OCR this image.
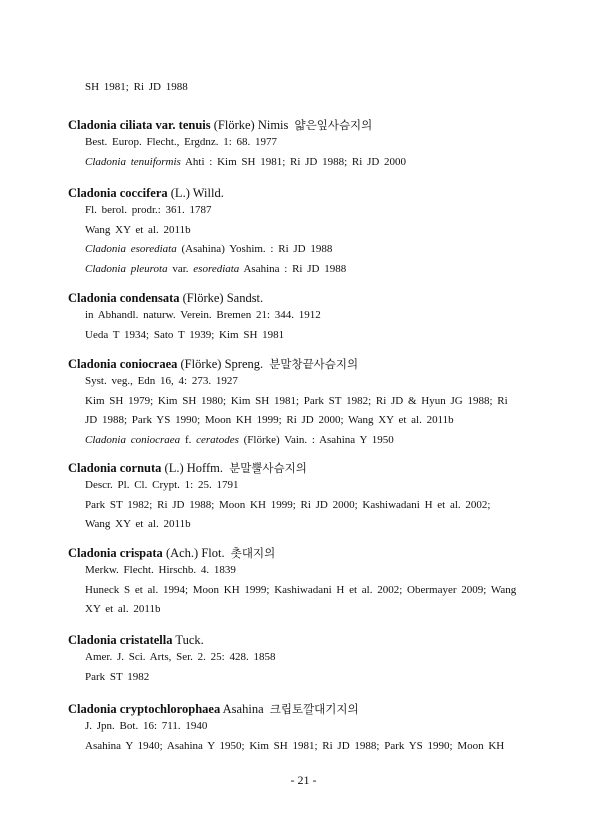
SH 1981; Ri JD 1988

Cladonia ciliata var. tenuis (Flörke) Nimis 얇은잎사슴지의

Best. Europ. Flecht., Ergdnz. 1: 68. 1977

Cladonia tenuiformis Ahti : Kim SH 1981; Ri JD 1988; Ri JD 2000

Cladonia coccifera (L.) Willd.

Fl. berol. prodr.: 361. 1787

Wang XY et al. 2011b

Cladonia esorediata (Asahina) Yoshim. : Ri JD 1988

Cladonia pleurota var. esorediata Asahina : Ri JD 1988

Cladonia condensata (Flörke) Sandst.

in Abhandl. naturw. Verein. Bremen 21: 344. 1912

Ueda T 1934; Sato T 1939; Kim SH 1981

Cladonia coniocraea (Flörke) Spreng. 분말창끝사슴지의

Syst. veg., Edn 16, 4: 273. 1927

Kim SH 1979; Kim SH 1980; Kim SH 1981; Park ST 1982; Ri JD & Hyun JG 1988; Ri

JD 1988; Park YS 1990; Moon KH 1999; Ri JD 2000; Wang XY et al. 2011b

Cladonia coniocraea f. ceratodes (Flörke) Vain. : Asahina Y 1950

Cladonia cornuta (L.) Hoffm. 분말뿔사슴지의

Descr. Pl. Cl. Crypt. 1: 25. 1791

Park ST 1982; Ri JD 1988; Moon KH 1999; Ri JD 2000; Kashiwadani H et al. 2002;

Wang XY et al. 2011b

Cladonia crispata (Ach.) Flot. 촛대지의

Merkw. Flecht. Hirschb. 4. 1839

Huneck S et al. 1994; Moon KH 1999; Kashiwadani H et al. 2002; Obermayer 2009; Wang

XY et al. 2011b

Cladonia cristatella Tuck.

Amer. J. Sci. Arts, Ser. 2. 25: 428. 1858

Park ST 1982

Cladonia cryptochlorophaea Asahina 크립토깔대기지의

J. Jpn. Bot. 16: 711. 1940

Asahina Y 1940; Asahina Y 1950; Kim SH 1981; Ri JD 1988; Park YS 1990; Moon KH

- 21 -
